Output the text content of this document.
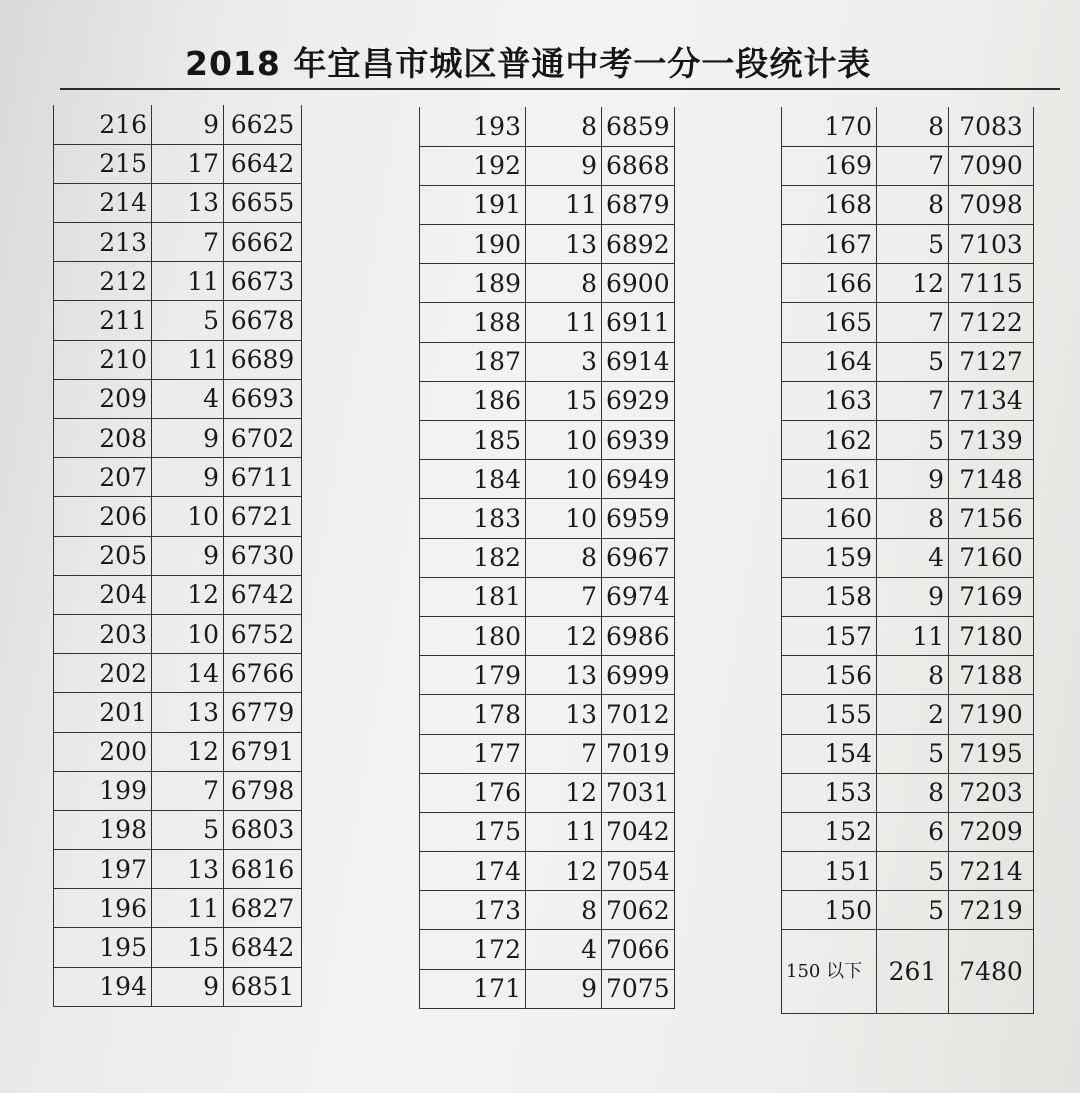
2018 年宜昌市城区普通中考一分一段统计表
216	9	6625
215	17	6642
214	13	6655
213	7	6662
212	11	6673
211	5	6678
210	11	6689
209	4	6693
208	9	6702
207	9	6711
206	10	6721
205	9	6730
204	12	6742
203	10	6752
202	14	6766
201	13	6779
200	12	6791
199	7	6798
198	5	6803
197	13	6816
196	11	6827
195	15	6842
194	9	6851
193	8	6859
192	9	6868
191	11	6879
190	13	6892
189	8	6900
188	11	6911
187	3	6914
186	15	6929
185	10	6939
184	10	6949
183	10	6959
182	8	6967
181	7	6974
180	12	6986
179	13	6999
178	13	7012
177	7	7019
176	12	7031
175	11	7042
174	12	7054
173	8	7062
172	4	7066
171	9	7075
170	8	7083
169	7	7090
168	8	7098
167	5	7103
166	12	7115
165	7	7122
164	5	7127
163	7	7134
162	5	7139
161	9	7148
160	8	7156
159	4	7160
158	9	7169
157	11	7180
156	8	7188
155	2	7190
154	5	7195
153	8	7203
152	6	7209
151	5	7214
150	5	7219
150 以下	261	7480
